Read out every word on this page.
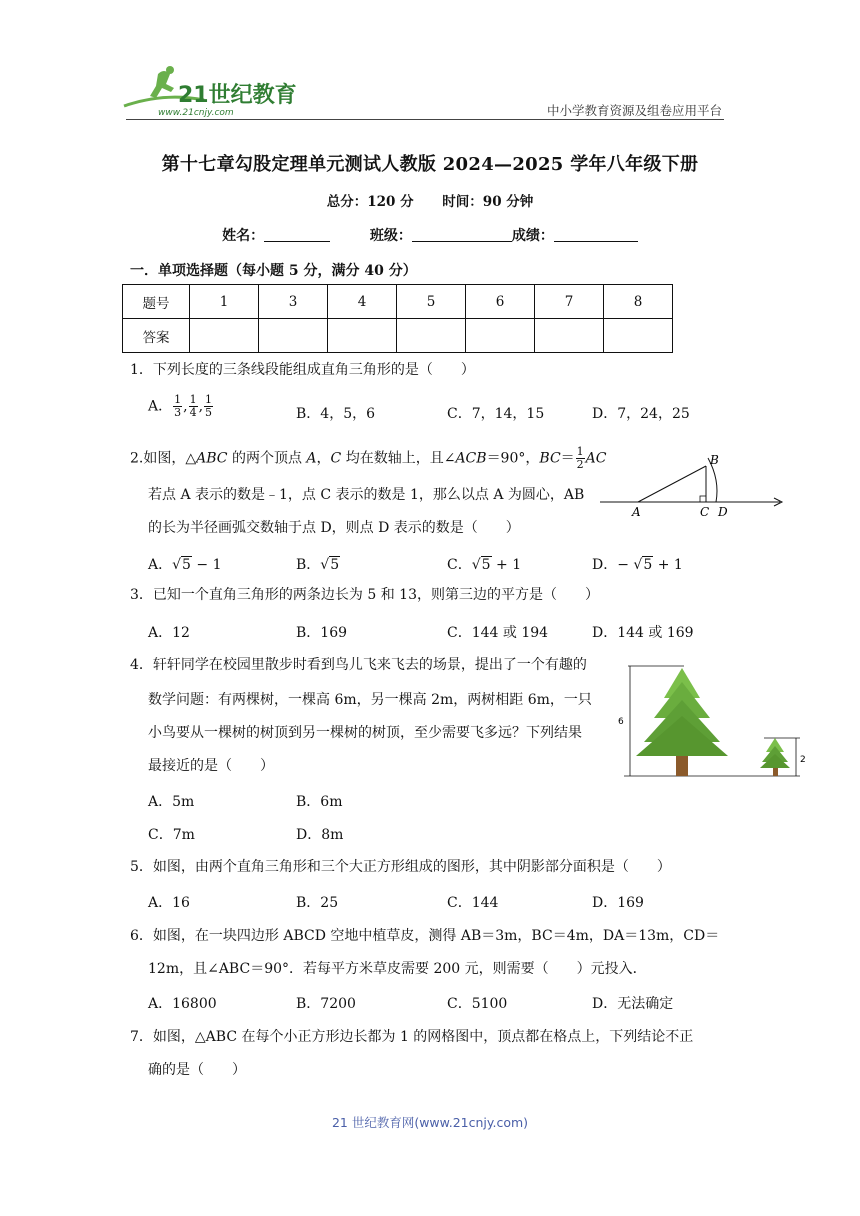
21世纪教育
www.21cnjy.com	中小学教育资源及组卷应用平台
第十七章勾股定理单元测试人教版 2024—2025 学年八年级下册
总分：120 分 时间：90 分钟
姓名：	班级：	成绩：
一．单项选择题（每小题 5 分，满分 40 分）
题号	1	3	4	5	6	7	8
答案							
1．下列长度的三条线段能组成直角三角形的是（　　）
A． $\frac{1}{3}$ , $\frac{1}{4}$ , $\frac{1}{5}$	B．4，5，6	C．7，14，15	D．7，24，25
2.如图，△ABC 的两个顶点 A，C 均在数轴上，且∠ACB＝90°，$BC= \frac{1}{2}$ AC
若点 A 表示的数是﹣1，点 C 表示的数是 1，那么以点 A 为圆心，AB
的长为半径画弧交数轴于点 D，则点 D 表示的数是（　　）
A
B
C D
A．√5 − 1	B．√5	C．√5 + 1	D．− √5 + 1
3．已知一个直角三角形的两条边长为 5 和 13，则第三边的平方是（　　）
A．12	B．169	C．144 或 194	D．144 或 169
4．轩轩同学在校园里散步时看到鸟儿飞来飞去的场景，提出了一个有趣的
数学问题：有两棵树，一棵高 6m，另一棵高 2m，两树相距 6m，一只
小鸟要从一棵树的树顶到另一棵树的树顶，至少需要飞多远？下列结果
最接近的是（　　）
6
2
A．5m	B．6m
C．7m	D．8m
5．如图，由两个直角三角形和三个大正方形组成的图形，其中阴影部分面积是（　　）
A．16	B．25	C．144	D．169
6．如图，在一块四边形 ABCD 空地中植草皮，测得 AB＝3m，BC＝4m，DA＝13m，CD＝
12m，且∠ABC＝90°．若每平方米草皮需要 200 元，则需要（　　）元投入．
A．16800	B．7200	C．5100	D．无法确定
7．如图，△ABC 在每个小正方形边长都为 1 的网格图中，顶点都在格点上，下列结论不正
确的是（　　）
21 世纪教育网(www.21cnjy.com)
